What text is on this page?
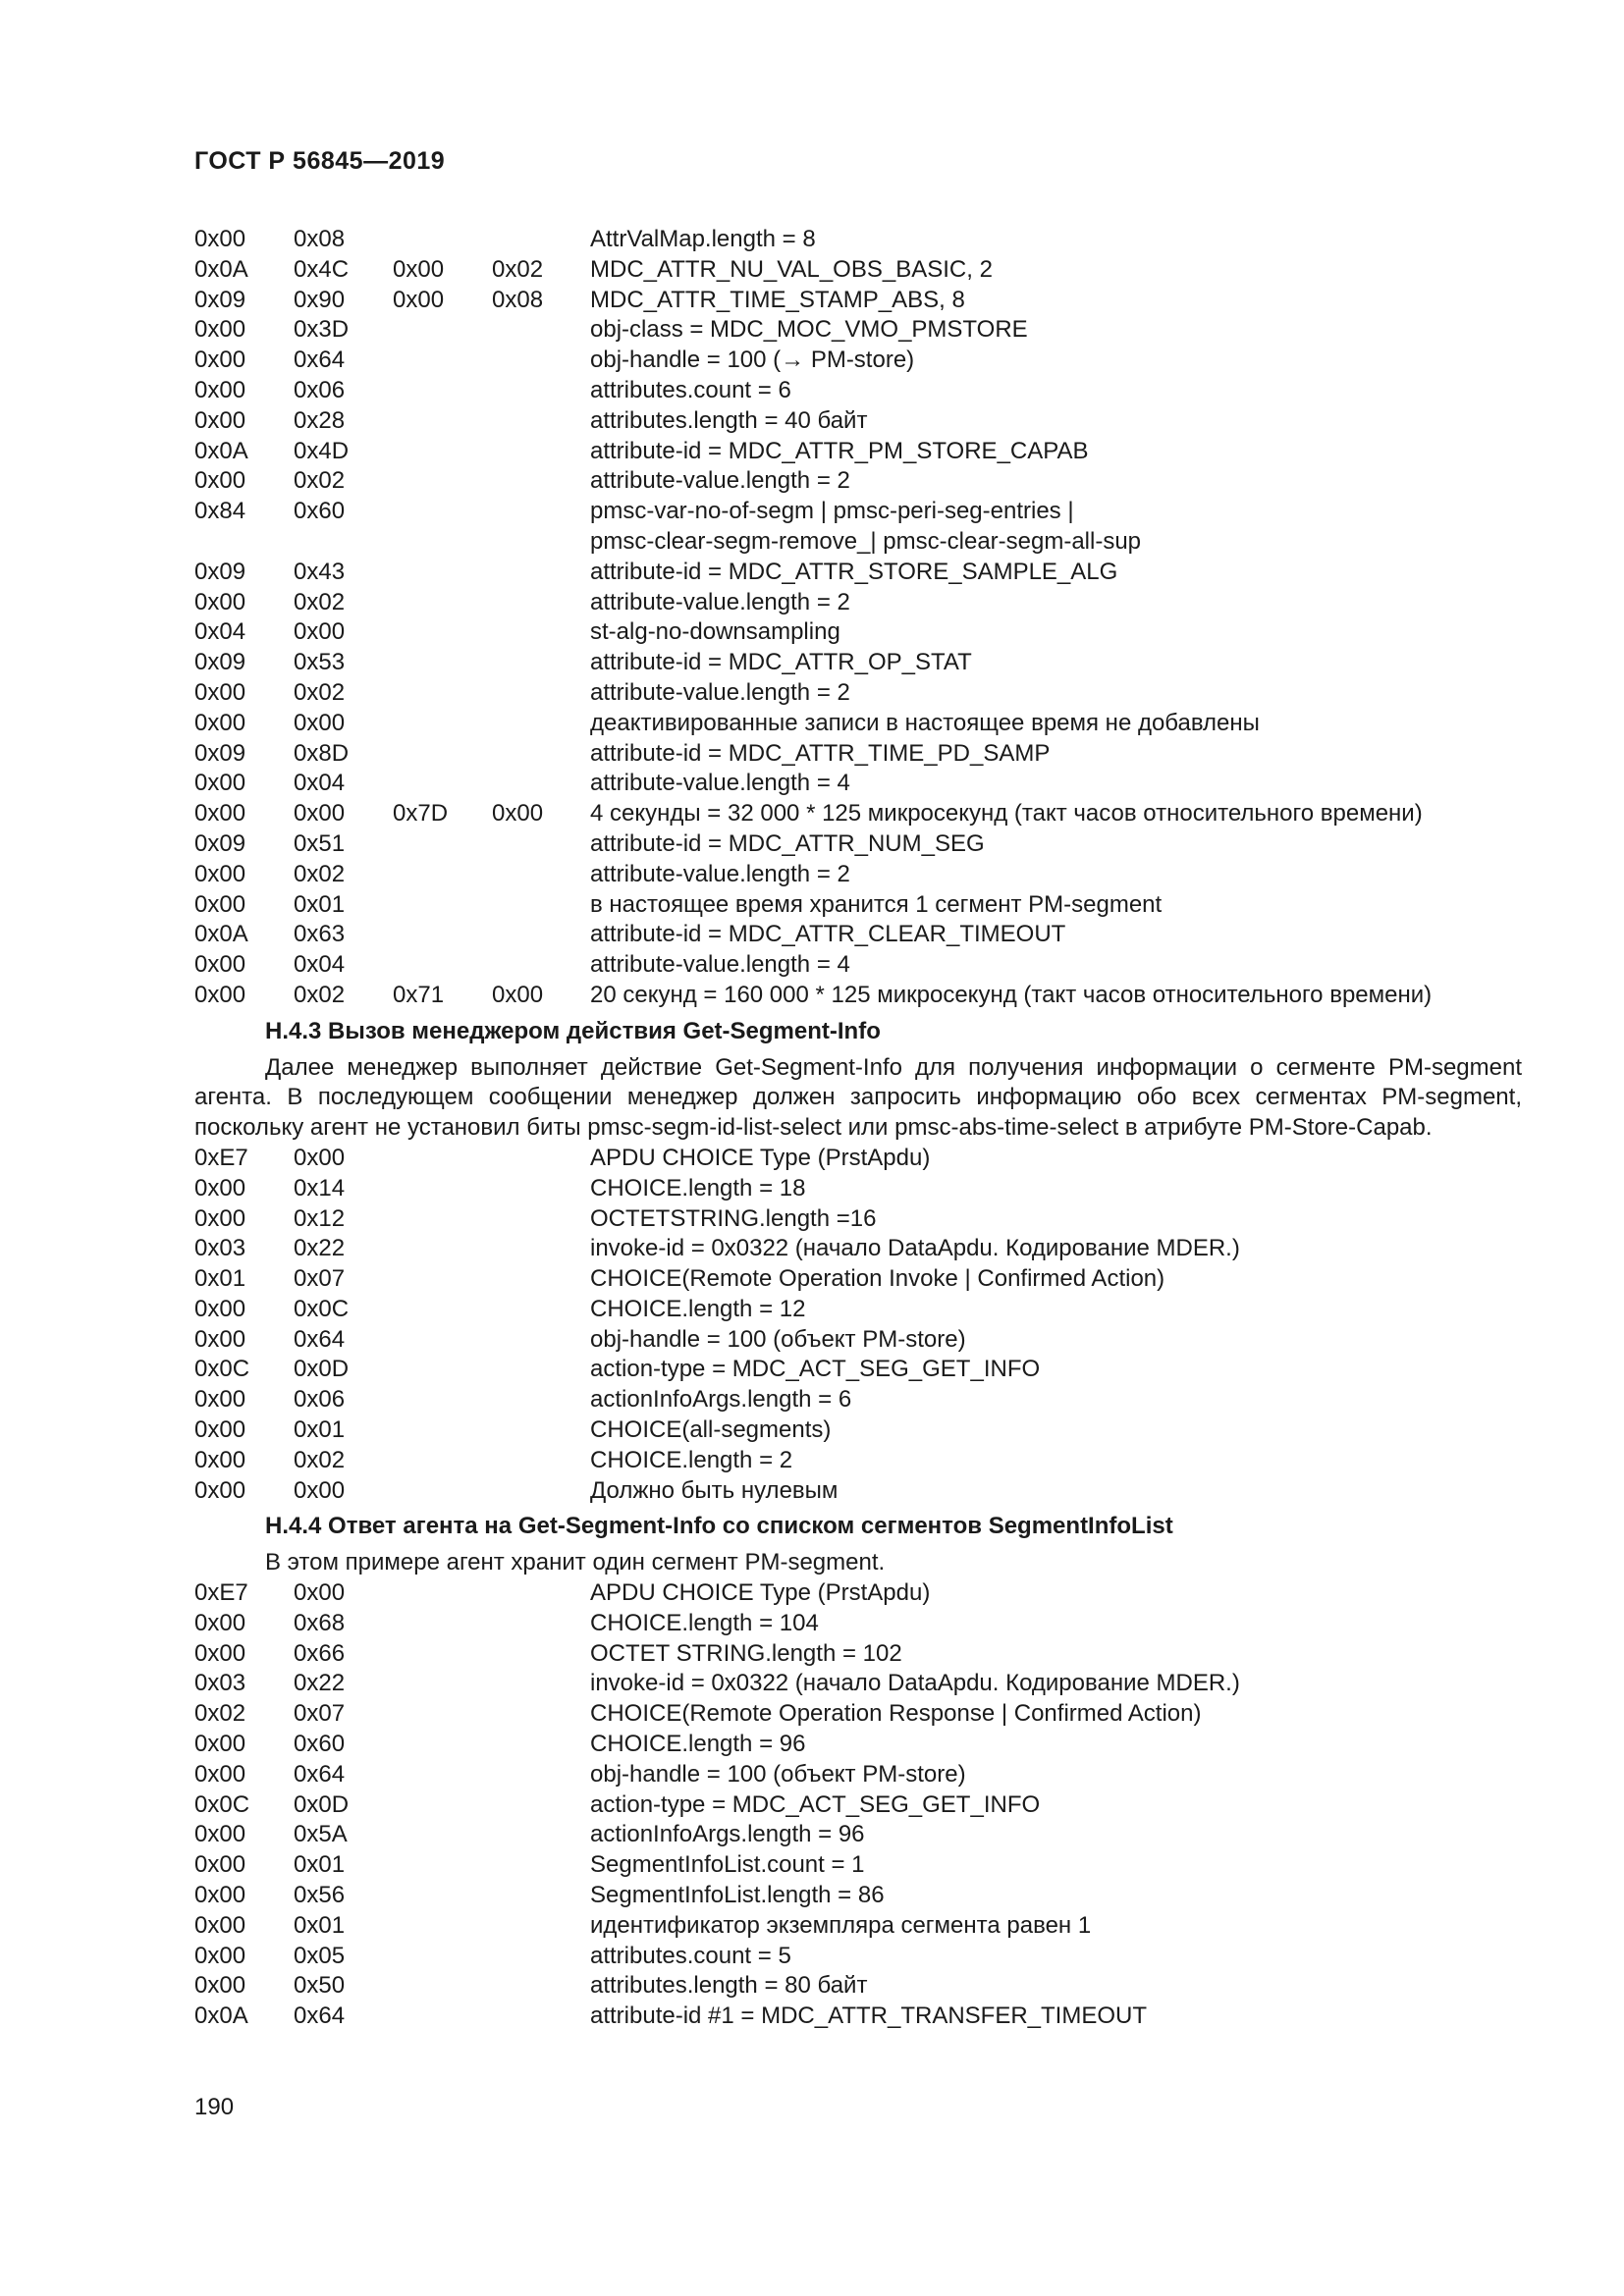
ГОСТ Р 56845—2019
0x00	0x08	AttrValMap.length = 8
0x0A	0x4C	0x00	0x02	MDC_ATTR_NU_VAL_OBS_BASIC, 2
0x09	0x90	0x00	0x08	MDC_ATTR_TIME_STAMP_ABS, 8
0x00	0x3D	obj-class = MDC_MOC_VMO_PMSTORE
0x00	0x64	obj-handle = 100 (→ PM-store)
0x00	0x06	attributes.count = 6
0x00	0x28	attributes.length = 40 байт
0x0A	0x4D	attribute-id = MDC_ATTR_PM_STORE_CAPAB
0x00	0x02	attribute-value.length = 2
0x84	0x60	pmsc-var-no-of-segm | pmsc-peri-seg-entries |
pmsc-clear-segm-remove_| pmsc-clear-segm-all-sup
0x09	0x43	attribute-id = MDC_ATTR_STORE_SAMPLE_ALG
0x00	0x02	attribute-value.length = 2
0x04	0x00	st-alg-no-downsampling
0x09	0x53	attribute-id = MDC_ATTR_OP_STAT
0x00	0x02	attribute-value.length = 2
0x00	0x00	деактивированные записи в настоящее время не добавлены
0x09	0x8D	attribute-id = MDC_ATTR_TIME_PD_SAMP
0x00	0x04	attribute-value.length = 4
0x00	0x00	0x7D	0x00	4 секунды = 32 000 * 125 микросекунд (такт часов относительного времени)
0x09	0x51	attribute-id = MDC_ATTR_NUM_SEG
0x00	0x02	attribute-value.length = 2
0x00	0x01	в настоящее время хранится 1 сегмент PM-segment
0x0A	0x63	attribute-id = MDC_ATTR_CLEAR_TIMEOUT
0x00	0x04	attribute-value.length = 4
0x00	0x02	0x71	0x00	20 секунд = 160 000 * 125 микросекунд (такт часов относительного времени)
H.4.3 Вызов менеджером действия Get-Segment-Info
Далее менеджер выполняет действие Get-Segment-Info для получения информации о сегменте PM-segment агента. В последующем сообщении менеджер должен запросить информацию обо всех сегментах PM-segment, поскольку агент не установил биты pmsc-segm-id-list-select или pmsc-abs-time-select в атрибуте PM-Store-Capab.
0xE7	0x00	APDU CHOICE Type (PrstApdu)
0x00	0x14	CHOICE.length = 18
0x00	0x12	OCTETSTRING.length =16
0x03	0x22	invoke-id = 0x0322 (начало DataApdu. Кодирование MDER.)
0x01	0x07	CHOICE(Remote Operation Invoke | Confirmed Action)
0x00	0x0C	CHOICE.length = 12
0x00	0x64	obj-handle = 100 (объект PM-store)
0x0C	0x0D	action-type = MDC_ACT_SEG_GET_INFO
0x00	0x06	actionInfoArgs.length = 6
0x00	0x01	CHOICE(all-segments)
0x00	0x02	CHOICE.length = 2
0x00	0x00	Должно быть нулевым
H.4.4 Ответ агента на Get-Segment-Info со списком сегментов SegmentInfoList
В этом примере агент хранит один сегмент PM-segment.
0xE7	0x00	APDU CHOICE Type (PrstApdu)
0x00	0x68	CHOICE.length = 104
0x00	0x66	OCTET STRING.length = 102
0x03	0x22	invoke-id = 0x0322 (начало DataApdu. Кодирование MDER.)
0x02	0x07	CHOICE(Remote Operation Response | Confirmed Action)
0x00	0x60	CHOICE.length = 96
0x00	0x64	obj-handle = 100 (объект PM-store)
0x0C	0x0D	action-type = MDC_ACT_SEG_GET_INFO
0x00	0x5A	actionInfoArgs.length = 96
0x00	0x01	SegmentInfoList.count = 1
0x00	0x56	SegmentInfoList.length = 86
0x00	0x01	идентификатор экземпляра сегмента равен 1
0x00	0x05	attributes.count = 5
0x00	0x50	attributes.length = 80 байт
0x0A	0x64	attribute-id #1 = MDC_ATTR_TRANSFER_TIMEOUT
190
